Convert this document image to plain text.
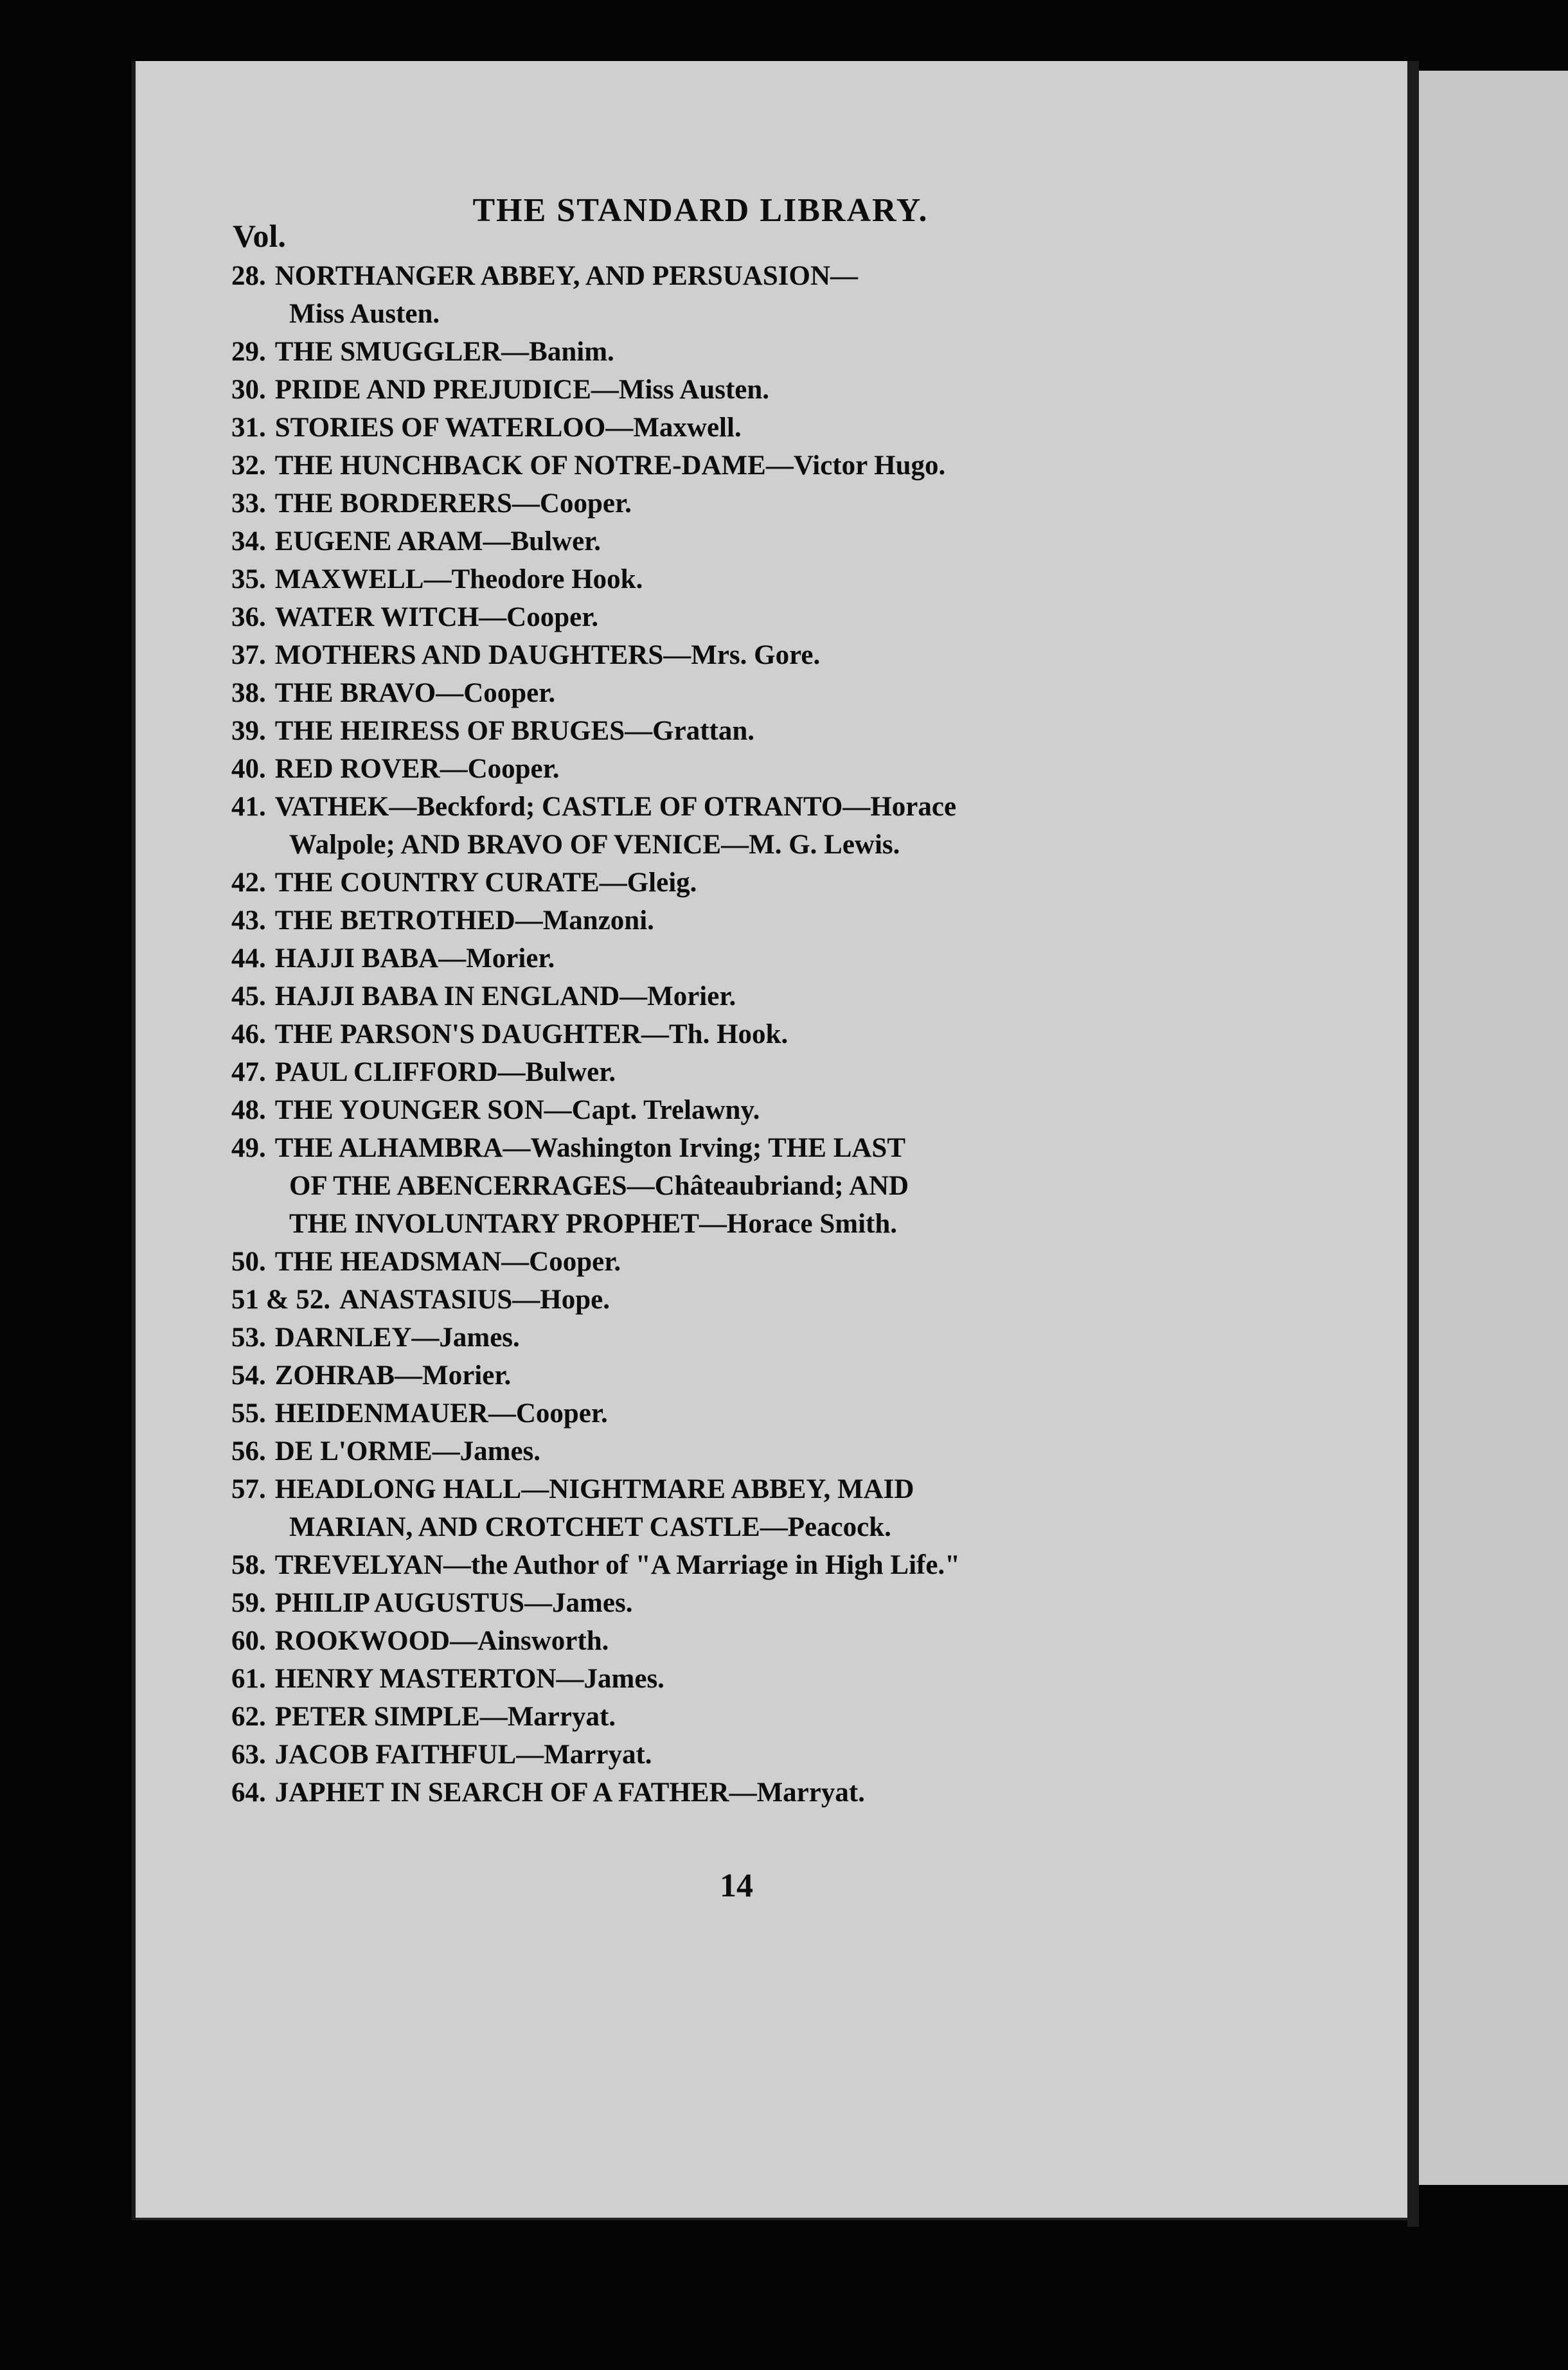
THE STANDARD LIBRARY.
Vol.
28. NORTHANGER ABBEY, AND PERSUASION—
Miss Austen.
29. THE SMUGGLER—Banim.
30. PRIDE AND PREJUDICE—Miss Austen.
31. STORIES OF WATERLOO—Maxwell.
32. THE HUNCHBACK OF NOTRE-DAME—Victor Hugo.
33. THE BORDERERS—Cooper.
34. EUGENE ARAM—Bulwer.
35. MAXWELL—Theodore Hook.
36. WATER WITCH—Cooper.
37. MOTHERS AND DAUGHTERS—Mrs. Gore.
38. THE BRAVO—Cooper.
39. THE HEIRESS OF BRUGES—Grattan.
40. RED ROVER—Cooper.
41. VATHEK—Beckford; CASTLE OF OTRANTO—Horace
Walpole; AND BRAVO OF VENICE—M. G. Lewis.
42. THE COUNTRY CURATE—Gleig.
43. THE BETROTHED—Manzoni.
44. HAJJI BABA—Morier.
45. HAJJI BABA IN ENGLAND—Morier.
46. THE PARSON'S DAUGHTER—Th. Hook.
47. PAUL CLIFFORD—Bulwer.
48. THE YOUNGER SON—Capt. Trelawny.
49. THE ALHAMBRA—Washington Irving; THE LAST
OF THE ABENCERRAGES—Châteaubriand; AND
THE INVOLUNTARY PROPHET—Horace Smith.
50. THE HEADSMAN—Cooper.
51 & 52. ANASTASIUS—Hope.
53. DARNLEY—James.
54. ZOHRAB—Morier.
55. HEIDENMAUER—Cooper.
56. DE L'ORME—James.
57. HEADLONG HALL—NIGHTMARE ABBEY, MAID
MARIAN, AND CROTCHET CASTLE—Peacock.
58. TREVELYAN—the Author of "A Marriage in High Life."
59. PHILIP AUGUSTUS—James.
60. ROOKWOOD—Ainsworth.
61. HENRY MASTERTON—James.
62. PETER SIMPLE—Marryat.
63. JACOB FAITHFUL—Marryat.
64. JAPHET IN SEARCH OF A FATHER—Marryat.
14
